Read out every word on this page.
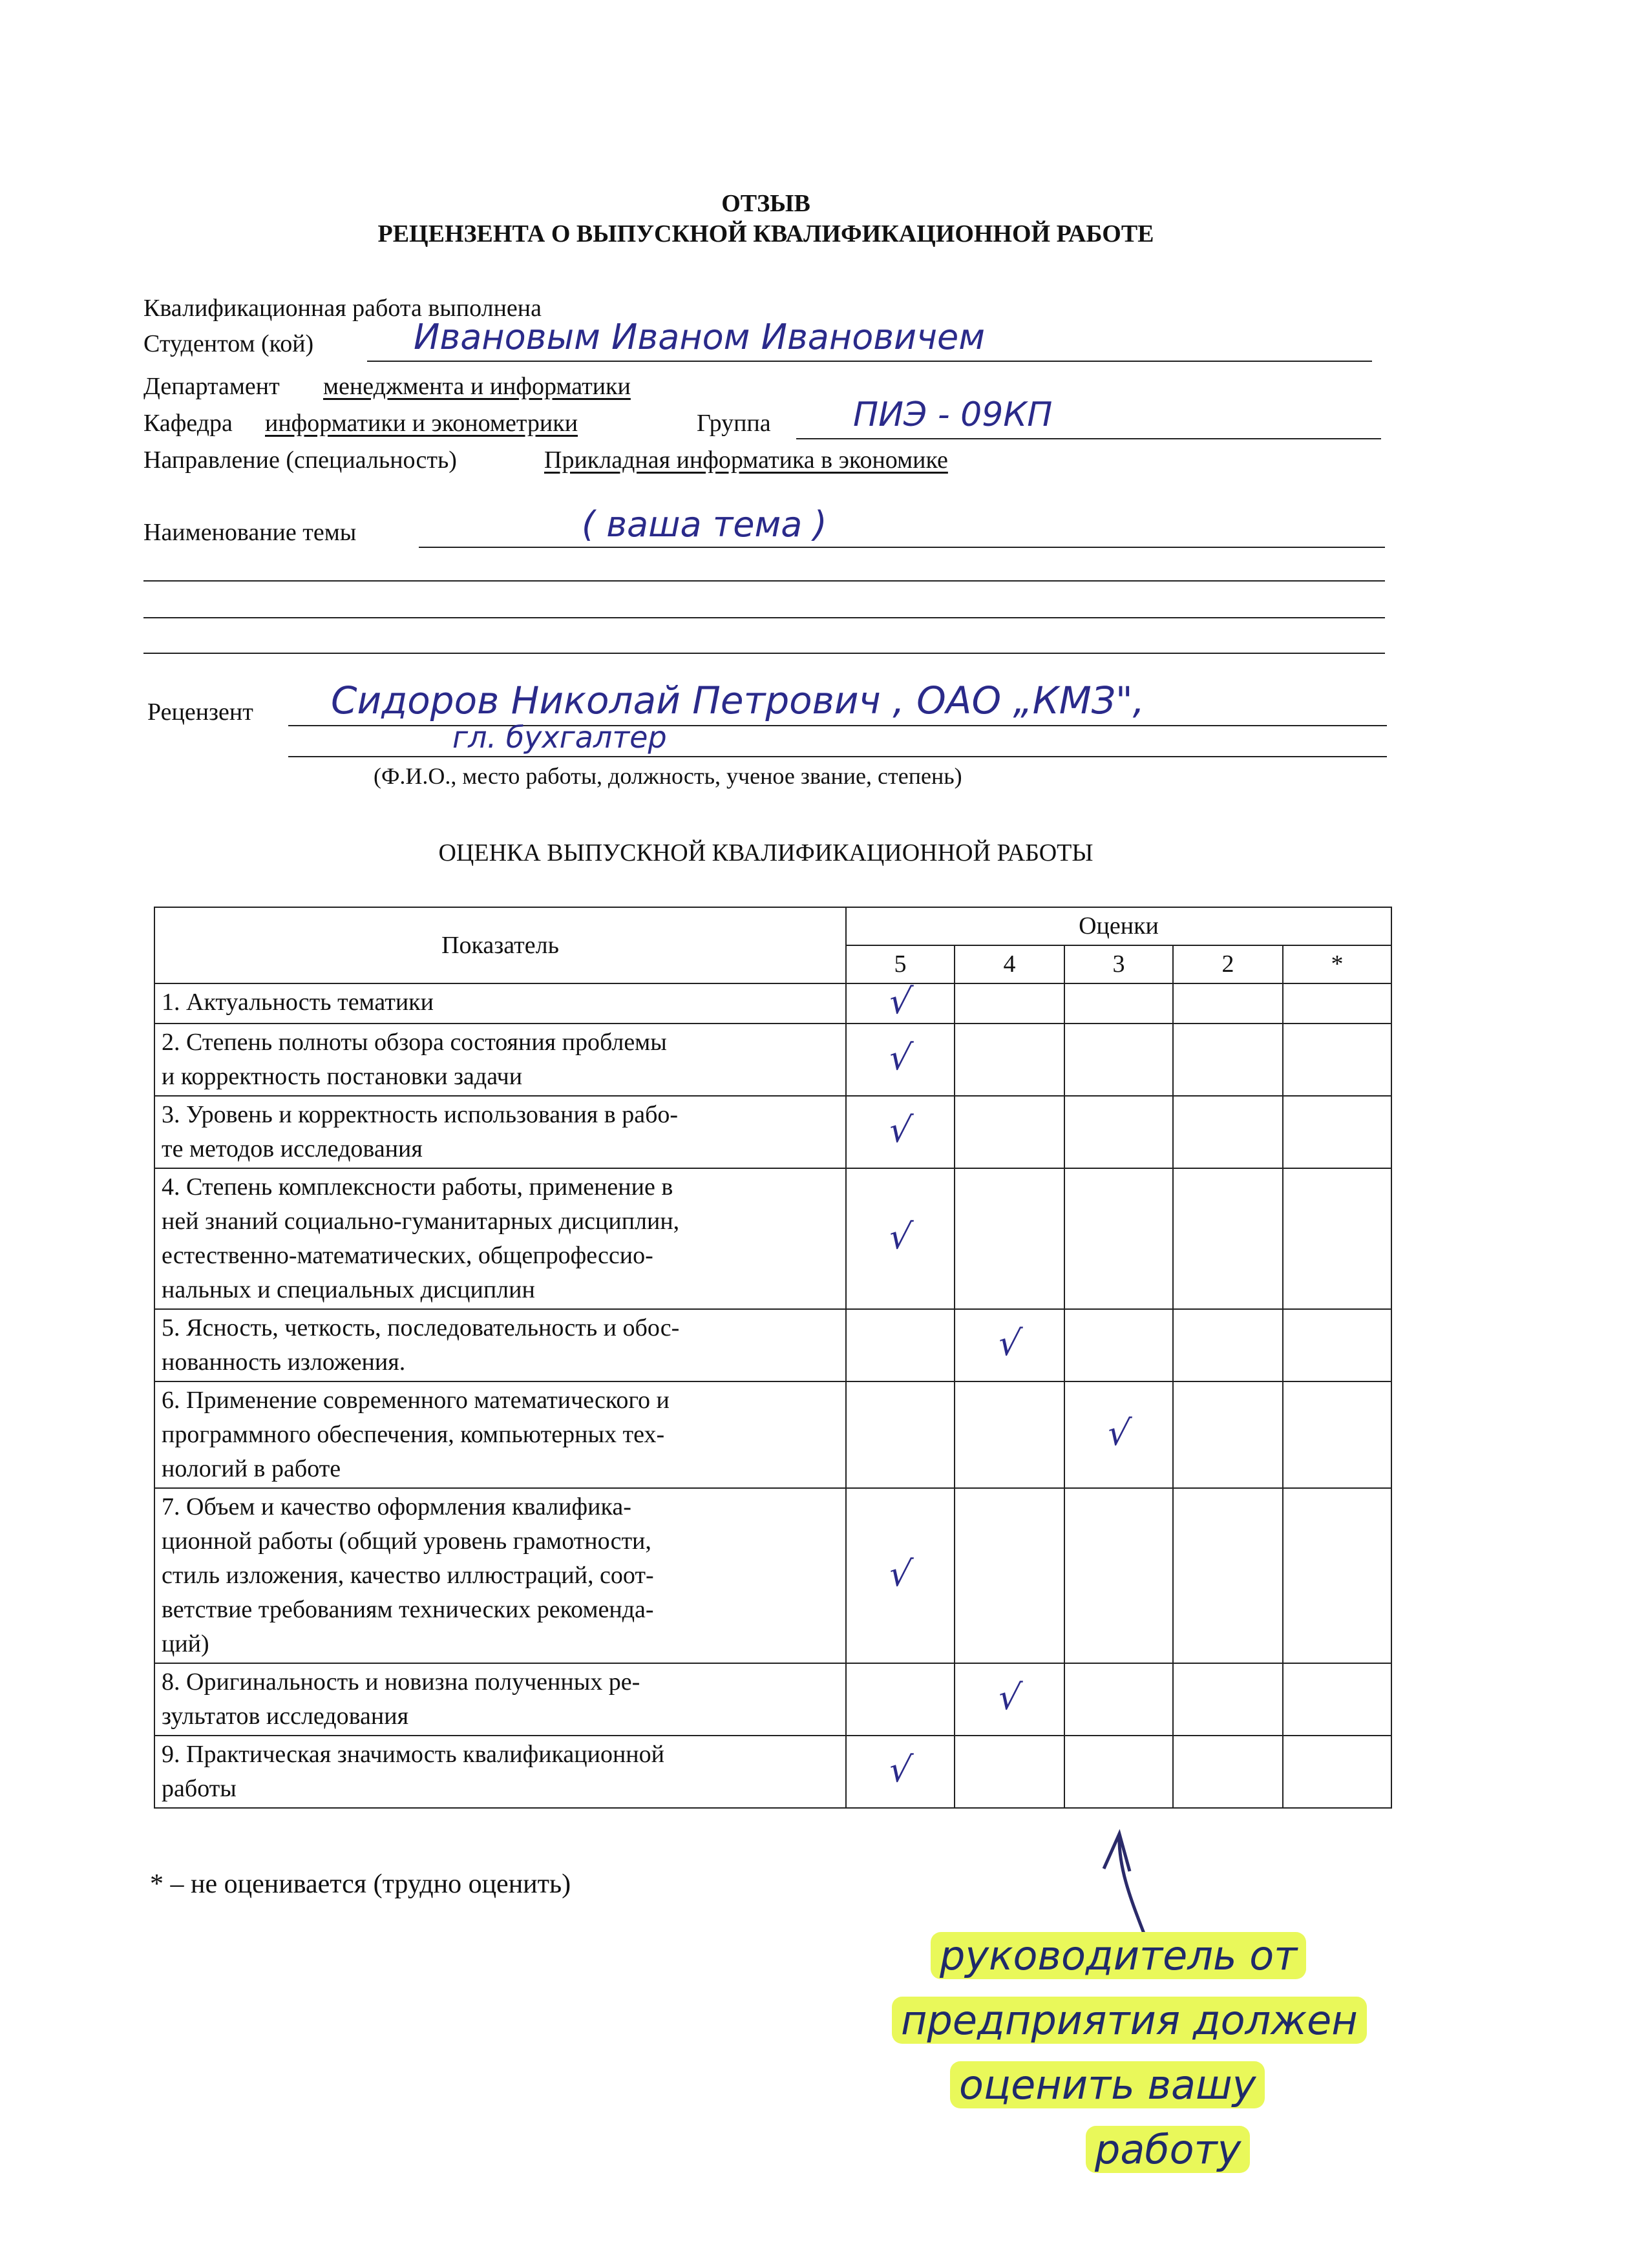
ОТЗЫВ
РЕЦЕНЗЕНТА О ВЫПУСКНОЙ КВАЛИФИКАЦИОННОЙ РАБОТЕ
Квалификационная работа выполнена
Студентом (кой)	Ивановым Иваном Ивановичем
Департамент менеджмента и информатики
Кафедра информатики и эконометрики	Группа ПИЭ - 09КП
Направление (специальность)	Прикладная информатика в экономике
Наименование темы	( ваша тема )
Рецензент Сидоров Николай Петрович , ОАО „КМЗ",
гл. бухгалтер
(Ф.И.О., место работы, должность, ученое звание, степень)
ОЦЕНКА ВЫПУСКНОЙ КВАЛИФИКАЦИОННОЙ РАБОТЫ
Показатель	Оценки				
	5	4	3	2	*

1. Актуальность тематики	√				

2. Степень полноты обзора состояния проблемы
и корректность постановки задачи	√				

3. Уровень и корректность использования в рабо-
те методов исследования	√				

4. Степень комплексности работы, применение в
ней знаний социально-гуманитарных дисциплин,
естественно-математических, общепрофессио-
нальных и специальных дисциплин	√				

5. Ясность, четкость, последовательность и обос-
нованность изложения.		√			

6. Применение современного математического и
программного обеспечения, компьютерных тех-
нологий в работе			√		

7. Объем и качество оформления квалифика-
ционной работы (общий уровень грамотности,
стиль изложения, качество иллюстраций, соот-
ветствие требованиям технических рекоменда-
ций)	√				

8. Оригинальность и новизна полученных ре-
зультатов исследования		√			

9. Практическая значимость квалификационной
работы	√				
* – не оценивается (трудно оценить)
руководитель от
предприятия должен
оценить вашу
работу
